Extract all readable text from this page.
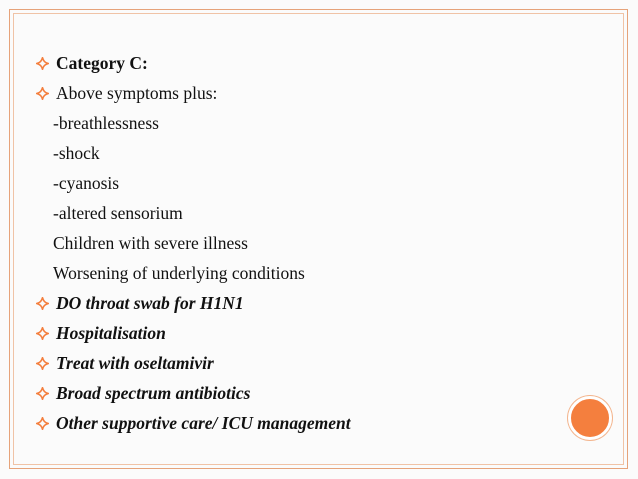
Category C:
Above symptoms plus:
-breathlessness
-shock
-cyanosis
-altered sensorium
Children with severe illness
Worsening of underlying conditions
DO throat swab for H1N1
Hospitalisation
Treat with oseltamivir
Broad spectrum antibiotics
Other supportive care/ ICU management
